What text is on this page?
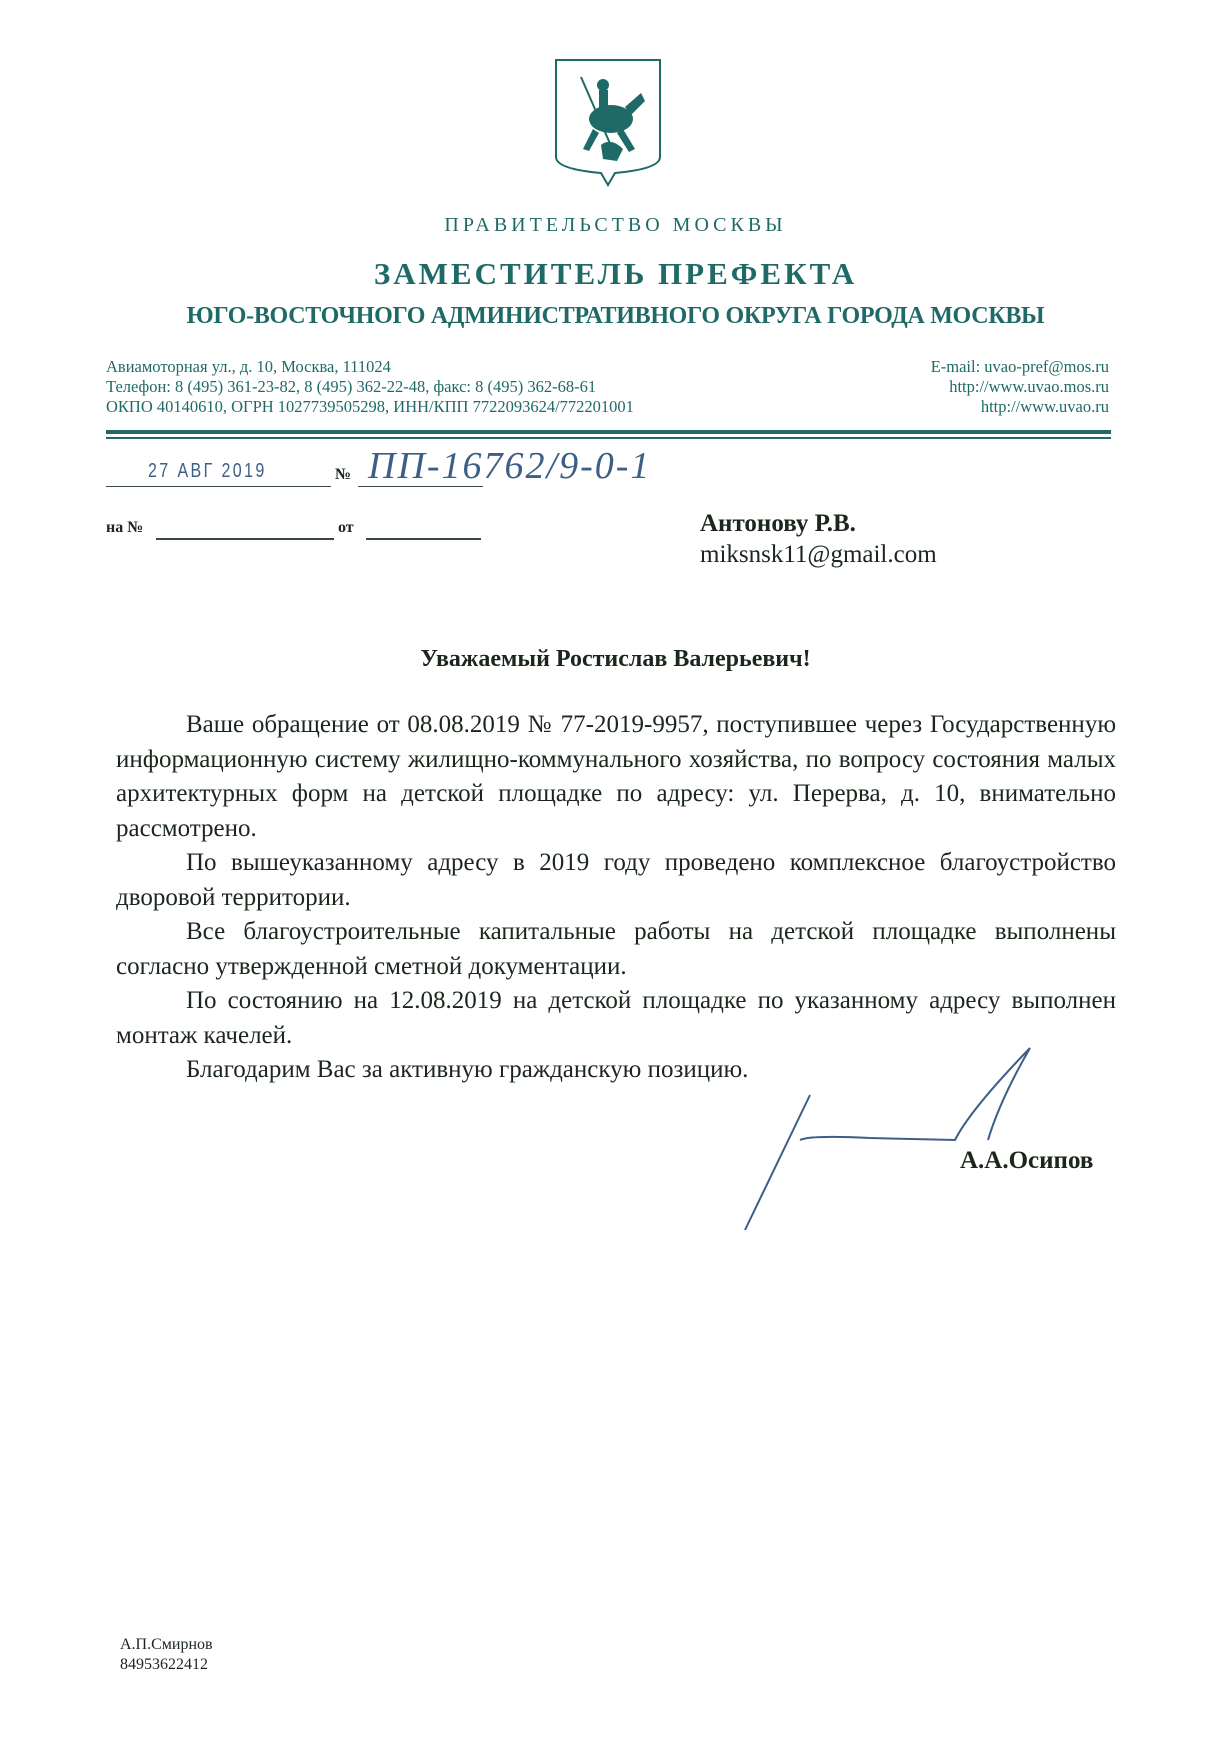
ПРАВИТЕЛЬСТВО МОСКВЫ
ЗАМЕСТИТЕЛЬ ПРЕФЕКТА
ЮГО-ВОСТОЧНОГО АДМИНИСТРАТИВНОГО ОКРУГА ГОРОДА МОСКВЫ
Авиамоторная ул., д. 10, Москва, 111024
Телефон: 8 (495) 361-23-82, 8 (495) 362-22-48, факс: 8 (495) 362-68-61
ОКПО 40140610, ОГРН 1027739505298, ИНН/КПП 7722093624/772201001
E-mail: uvao-pref@mos.ru
http://www.uvao.mos.ru
http://www.uvao.ru
27 АВГ 2019	№ ПП-16762/9-0-1
на №	от	Антонову Р.В.
miksnsk11@gmail.com
Уважаемый Ростислав Валерьевич!

Ваше обращение от 08.08.2019 № 77-2019-9957, поступившее через Государственную информационную систему жилищно-коммунального хозяйства, по вопросу состояния малых архитектурных форм на детской площадке по адресу: ул. Перерва, д. 10, внимательно рассмотрено.

По вышеуказанному адресу в 2019 году проведено комплексное благоустройство дворовой территории.

Все благоустроительные капитальные работы на детской площадке выполнены согласно утвержденной сметной документации.

По состоянию на 12.08.2019 на детской площадке по указанному адресу выполнен монтаж качелей.

Благодарим Вас за активную гражданскую позицию.

А.А.Осипов
А.П.Смирнов
84953622412
